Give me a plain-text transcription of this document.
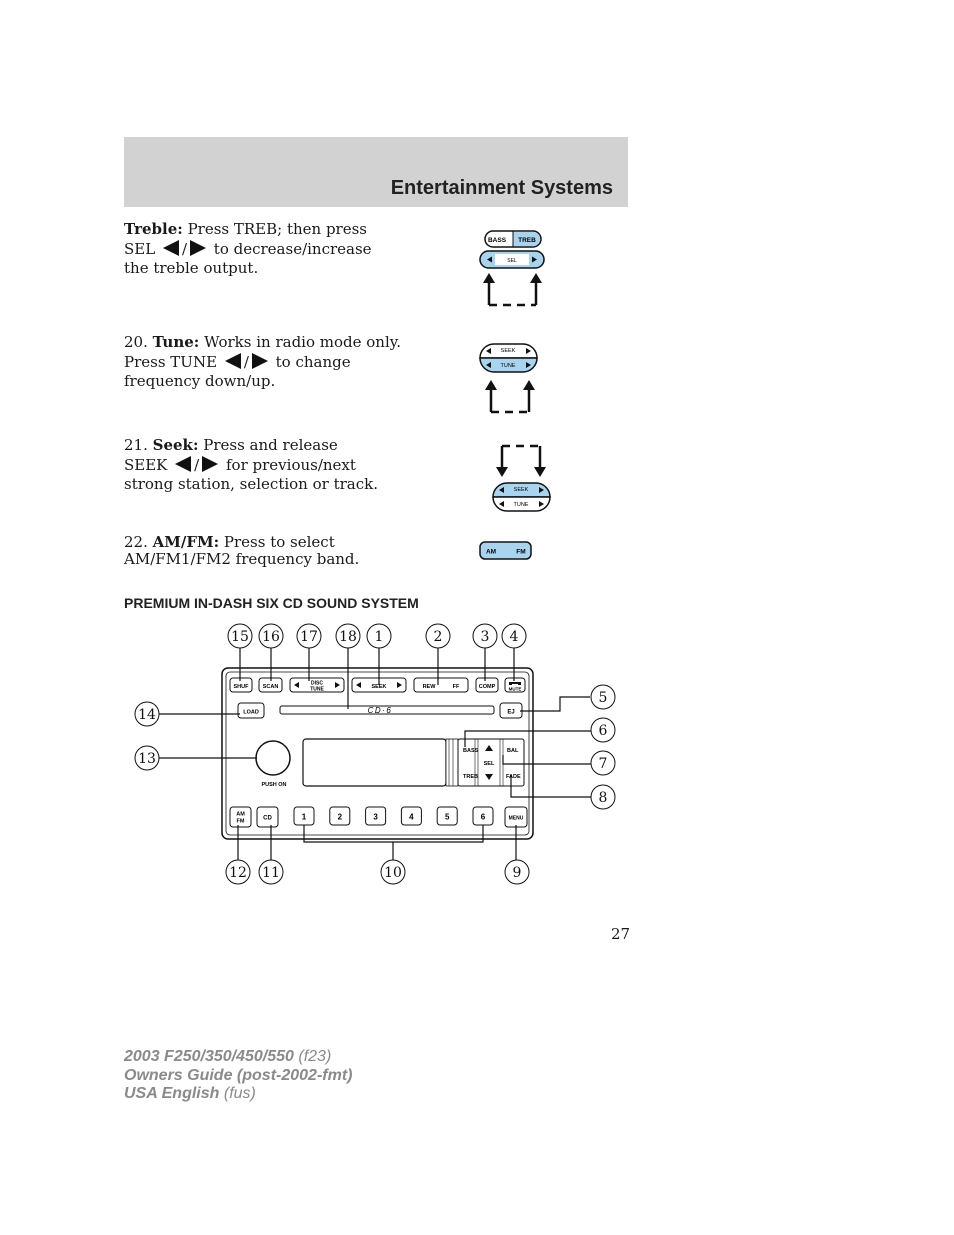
Entertainment Systems
Treble: Press TREB; then press
SEL / to decrease/increase
the treble output.
20. Tune: Works in radio mode only.
Press TUNE / to change
frequency down/up.
21. Seek: Press and release
SEEK / for previous/next
strong station, selection or track.
22. AM/FM: Press to select
AM/FM1/FM2 frequency band.
BASS TREB
SEL
SEEK
TUNE
SEEK
TUNE
AM	FM
PREMIUM IN-DASH SIX CD SOUND SYSTEM
SHUF	SCAN
DISC
TUNE	SEEK	REW	FF	COMP	MUTE
LOAD	CD·6	EJ
PUSH ON
BASS
TREB
SEL
BAL
FADE
AM
FM	CD	1	2	3	4	5	6	MENU
15 16 17 18 1	2	3 4
5
6
7
8
9
10
11
12
13
14
27
2003 F250/350/450/550 (f23)
Owners Guide (post-2002-fmt)
USA English (fus)
